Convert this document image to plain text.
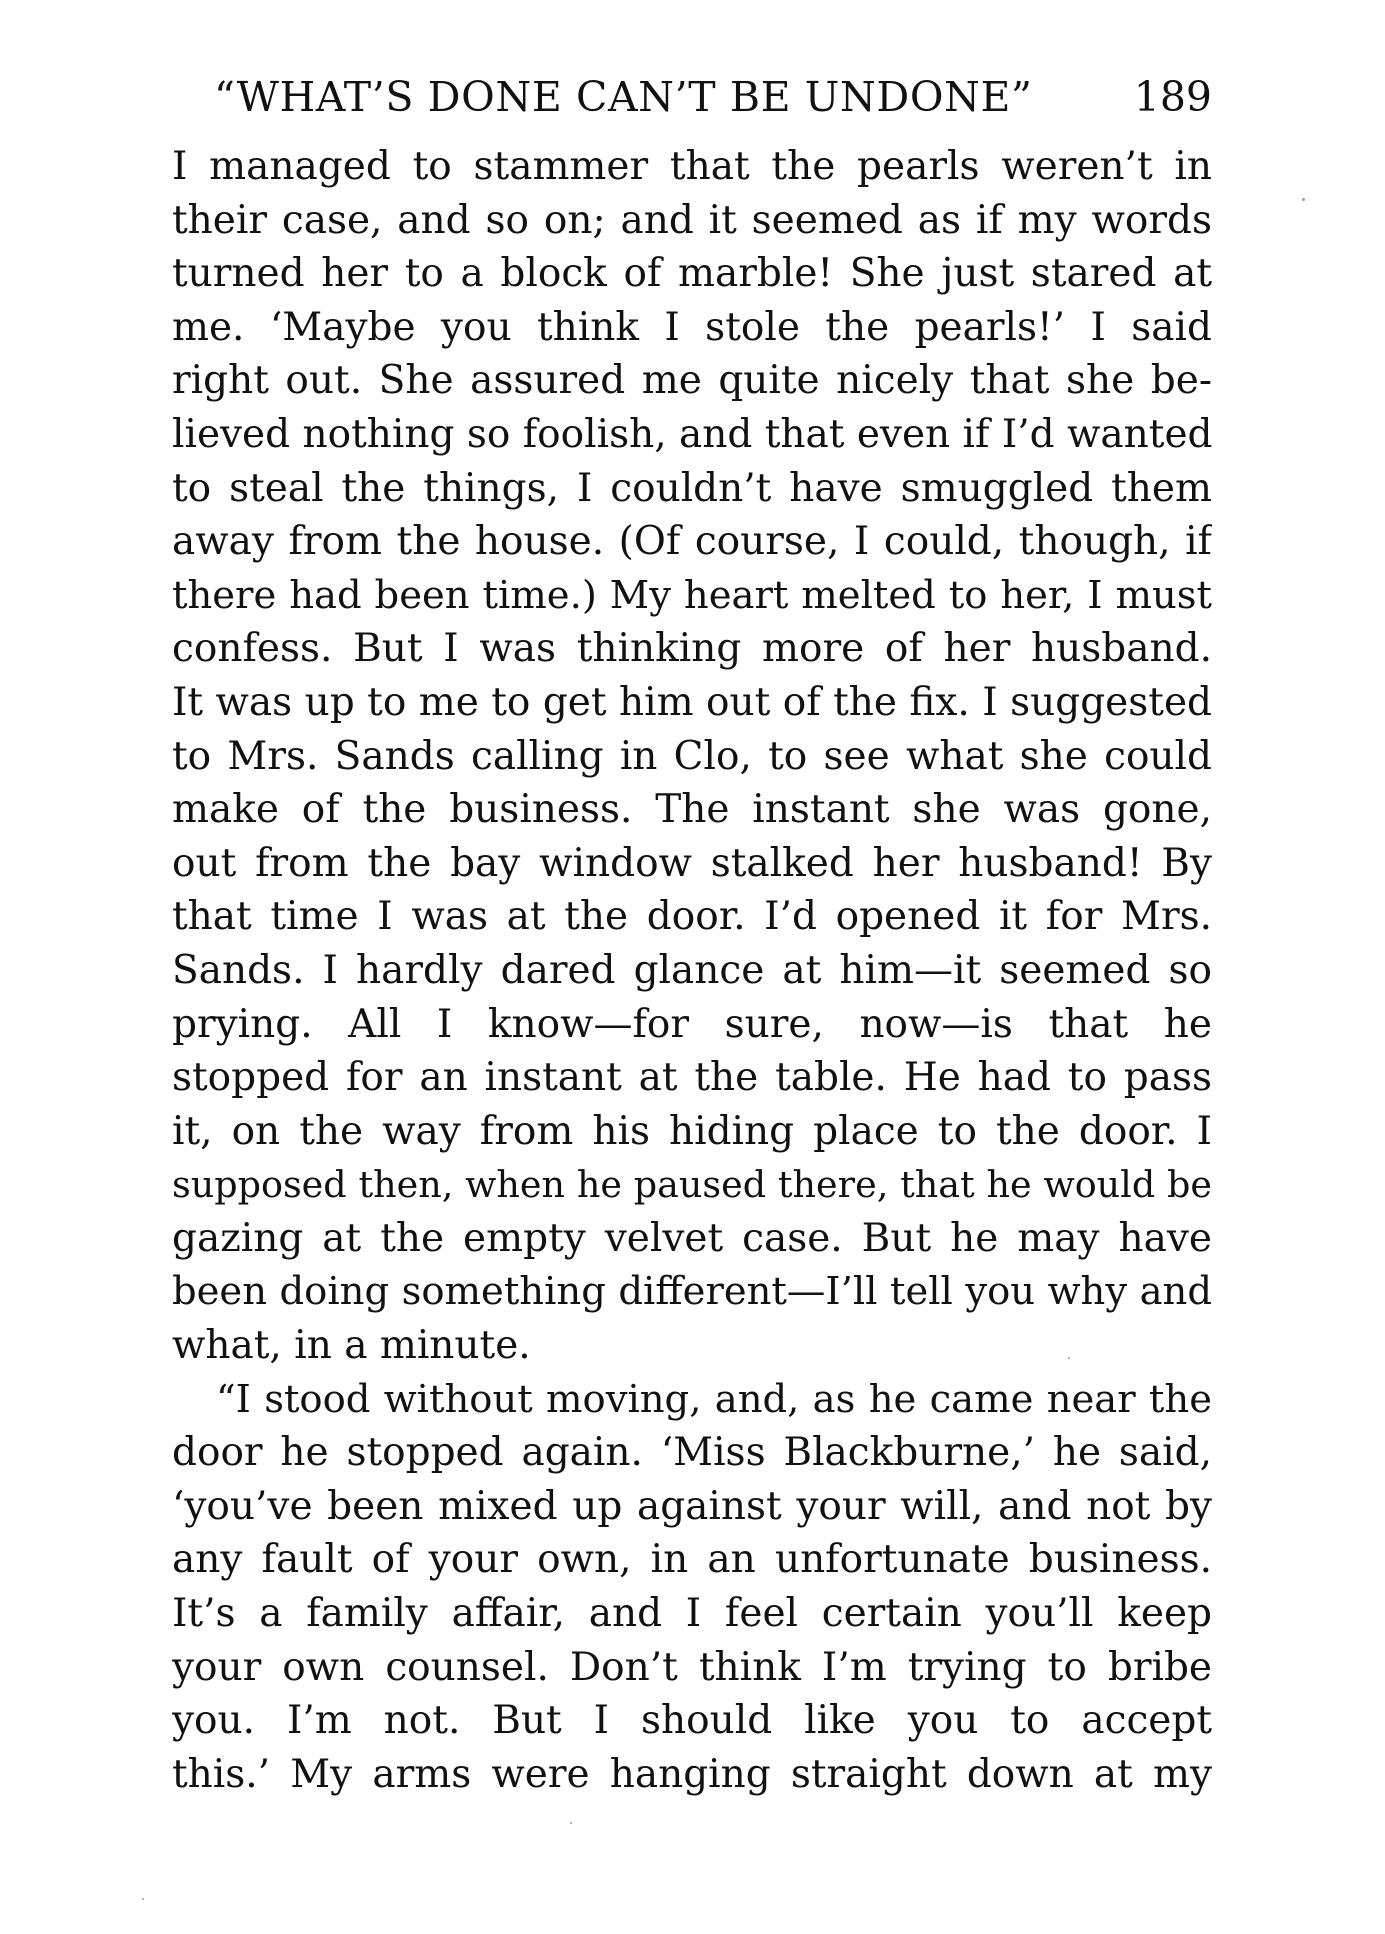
“WHAT’S DONE CAN’T BE UNDONE” 189
I managed to stammer that the pearls weren’t in
their case, and so on; and it seemed as if my words
turned her to a block of marble! She just stared at
me. ‘Maybe you think I stole the pearls!’ I said
right out. She assured me quite nicely that she be-
lieved nothing so foolish, and that even if I’d wanted
to steal the things, I couldn’t have smuggled them
away from the house. (Of course, I could, though, if
there had been time.) My heart melted to her, I must
confess. But I was thinking more of her husband.
It was up to me to get him out of the fix. I suggested
to Mrs. Sands calling in Clo, to see what she could
make of the business. The instant she was gone,
out from the bay window stalked her husband! By
that time I was at the door. I’d opened it for Mrs.
Sands. I hardly dared glance at him—it seemed so
prying. All I know—for sure, now—is that he
stopped for an instant at the table. He had to pass
it, on the way from his hiding place to the door. I
supposed then, when he paused there, that he would be
gazing at the empty velvet case. But he may have
been doing something different—I’ll tell you why and
what, in a minute.
“I stood without moving, and, as he came near the
door he stopped again. ‘Miss Blackburne,’ he said,
‘you’ve been mixed up against your will, and not by
any fault of your own, in an unfortunate business.
It’s a family affair, and I feel certain you’ll keep
your own counsel. Don’t think I’m trying to bribe
you. I’m not. But I should like you to accept
this.’ My arms were hanging straight down at my
